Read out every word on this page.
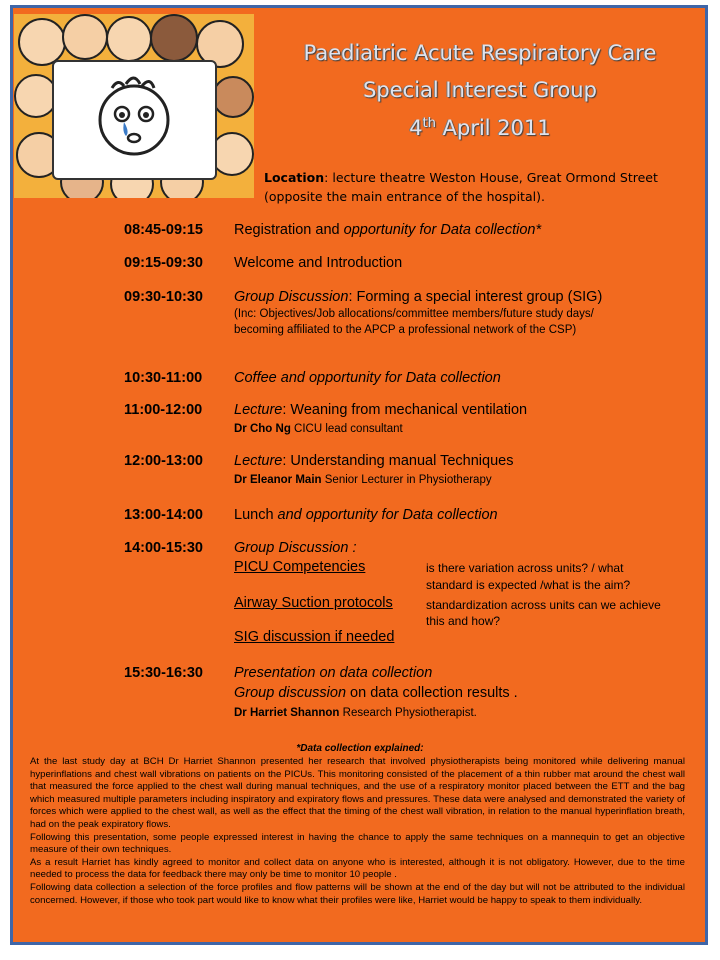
Paediatric Acute Respiratory Care
Special Interest Group
4th April 2011
Location: lecture theatre Weston House, Great Ormond Street
(opposite the main entrance of the hospital).
08:45-09:15 Registration and opportunity for Data collection*
09:15-09:30 Welcome and Introduction
09:30-10:30 Group Discussion: Forming a special interest group (SIG)
(Inc: Objectives/Job allocations/committee members/future study days/
becoming affiliated to the APCP a professional network of the CSP)
10:30-11:00 Coffee and opportunity for Data collection
11:00-12:00 Lecture: Weaning from mechanical ventilation
Dr Cho Ng CICU lead consultant
12:00-13:00 Lecture: Understanding manual Techniques
Dr Eleanor Main Senior Lecturer in Physiotherapy
13:00-14:00 Lunch and opportunity for Data collection
14:00-15:30 Group Discussion :
PICU Competencies	is there variation across units? / what
standard is expected /what is the aim?
Airway Suction protocols	standardization across units can we achieve
this and how?
SIG discussion if needed
15:30-16:30 Presentation on data collection
Group discussion on data collection results .
Dr Harriet Shannon Research Physiotherapist.
*Data collection explained:

At the last study day at BCH Dr Harriet Shannon presented her research that involved physiotherapists being monitored while delivering manual hyperinflations and chest wall vibrations on patients on the PICUs. This monitoring consisted of the placement of a thin rubber mat around the chest wall that measured the force applied to the chest wall during manual techniques, and the use of a respiratory monitor placed between the ETT and the bag which measured multiple parameters including inspiratory and expiratory flows and pressures. These data were analysed and demonstrated the variety of forces which were applied to the chest wall, as well as the effect that the timing of the chest wall vibration, in relation to the manual hyperinflation breath, had on the peak expiratory flows.

Following this presentation, some people expressed interest in having the chance to apply the same techniques on a mannequin to get an objective measure of their own techniques.

As a result Harriet has kindly agreed to monitor and collect data on anyone who is interested, although it is not obligatory. However, due to the time needed to process the data for feedback there may only be time to monitor 10 people .

Following data collection a selection of the force profiles and flow patterns will be shown at the end of the day but will not be attributed to the individual concerned. However, if those who took part would like to know what their profiles were like, Harriet would be happy to speak to them individually.
